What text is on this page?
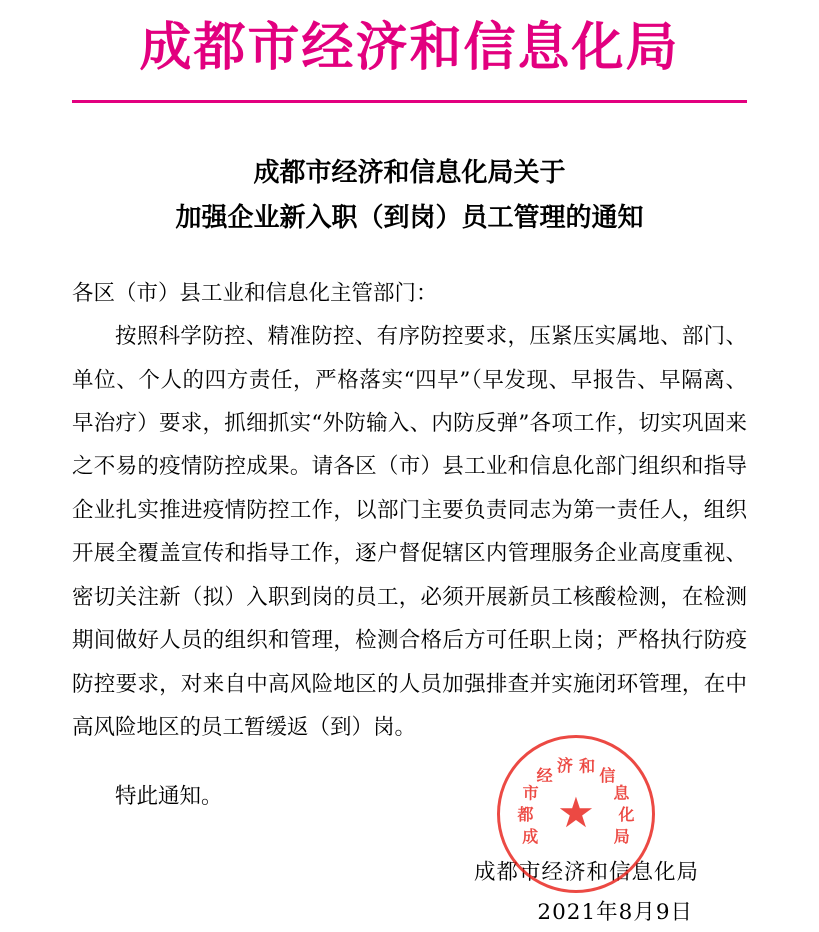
成都市经济和信息化局
成都市经济和信息化局关于
加强企业新入职（到岗）员工管理的通知

各区（市）县工业和信息化主管部门：

按照科学防控、精准防控、有序防控要求，压紧压实属地、部门、单位、个人的四方责任，严格落实“四早”（早发现、早报告、早隔离、早治疗）要求，抓细抓实“外防输入、内防反弹”各项工作，切实巩固来之不易的疫情防控成果。请各区（市）县工业和信息化部门组织和指导企业扎实推进疫情防控工作，以部门主要负责同志为第一责任人，组织开展全覆盖宣传和指导工作，逐户督促辖区内管理服务企业高度重视、密切关注新（拟）入职到岗的员工，必须开展新员工核酸检测，在检测期间做好人员的组织和管理，检测合格后方可任职上岗；严格执行防疫防控要求，对来自中高风险地区的人员加强排查并实施闭环管理，在中高风险地区的员工暂缓返（到）岗。

特此通知。

成都市经济和信息化局
2021年8月9日
成
都
市
经
济 和
信
息
化
局
★
